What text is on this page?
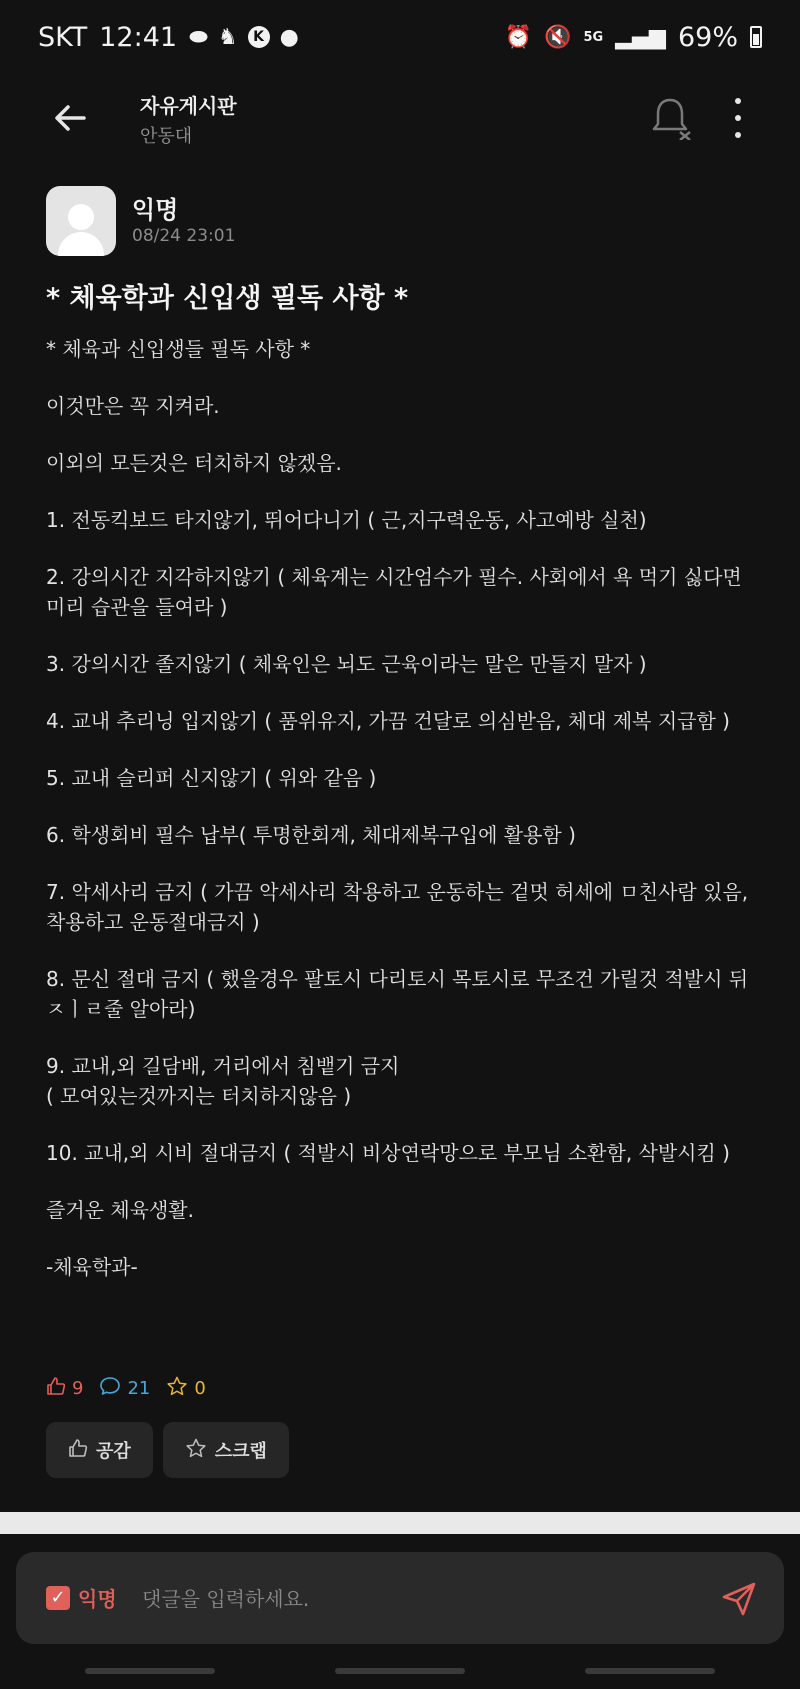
SKT 12:41 ⬬ ♞	K ●	⏰ 🔇 5G ▂▄▆ 69%
자유게시판
안동대
익명
08/24 23:01
* 체육학과 신입생 필독 사항 *

* 체육과 신입생들 필독 사항 *

이것만은 꼭 지켜라.

이외의 모든것은 터치하지 않겠음.

1. 전동킥보드 타지않기, 뛰어다니기 ( 근,지구력운동, 사고예방 실천)

2. 강의시간 지각하지않기 ( 체육계는 시간엄수가 필수. 사회에서 욕 먹기 싫다면 미리 습관을 들여라 )

3. 강의시간 졸지않기 ( 체육인은 뇌도 근육이라는 말은 만들지 말자 )

4. 교내 추리닝 입지않기 ( 품위유지, 가끔 건달로 의심받음, 체대 제복 지급함 )

5. 교내 슬리퍼 신지않기 ( 위와 같음 )

6. 학생회비 필수 납부( 투명한회계, 체대제복구입에 활용함 )

7. 악세사리 금지 ( 가끔 악세사리 착용하고 운동하는 겉멋 허세에 ㅁ친사람 있음, 착용하고 운동절대금지 )

8. 문신 절대 금지 ( 했을경우 팔토시 다리토시 목토시로 무조건 가릴것 적발시 뒤ㅈㅣㄹ줄 알아라)

9. 교내,외 길담배, 거리에서 침뱉기 금지
( 모여있는것까지는 터치하지않음 )

10. 교내,외 시비 절대금지 ( 적발시 비상연락망으로 부모님 소환함, 삭발시킴 )

즐거운 체육생활.

-체육학과-

9 21 0
공감	스크랩
✓ 익명
댓글을 입력하세요.
